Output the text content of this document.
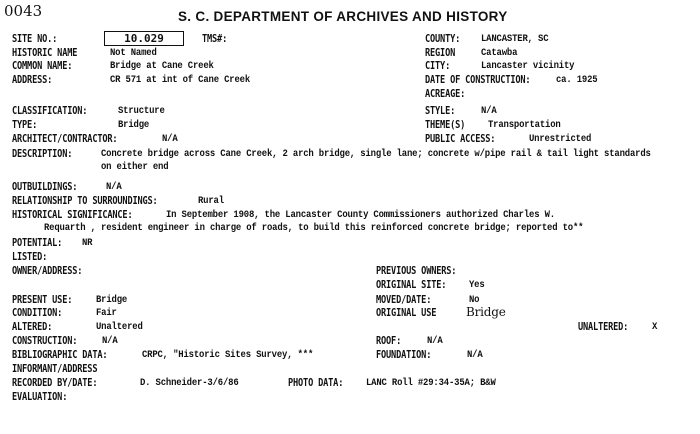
0043	S. C. DEPARTMENT OF ARCHIVES AND HISTORY
SITE NO.:	10.029	TMS#:
HISTORIC NAME	Not Named
COMMON NAME:	Bridge at Cane Creek
ADDRESS:	CR 571 at int of Cane Creek
COUNTY: LANCASTER, SC
REGION Catawba
CITY:	Lancaster vicinity
DATE OF CONSTRUCTION: ca. 1925
ACREAGE:
CLASSIFICATION:	Structure
TYPE:	Bridge
ARCHITECT/CONTRACTOR:	N/A
STYLE: N/A
THEME(S) Transportation
PUBLIC ACCESS:	Unrestricted
DESCRIPTION:	Concrete bridge across Cane Creek, 2 arch bridge, single lane; concrete w/pipe rail & tail light standards
on either end
OUTBUILDINGS:	N/A
RELATIONSHIP TO SURROUNDINGS:	Rural
HISTORICAL SIGNIFICANCE:	In September 1908, the Lancaster County Commissioners authorized Charles W.
Requarth , resident engineer in charge of roads, to build this reinforced concrete bridge; reported to**
POTENTIAL: NR
LISTED:
OWNER/ADDRESS:	PREVIOUS OWNERS:
ORIGINAL SITE: Yes
PRESENT USE: Bridge	MOVED/DATE:	No
CONDITION:	Fair	ORIGINAL USE Bridge
ALTERED:	Unaltered	UNALTERED: X
CONSTRUCTION: N/A	ROOF: N/A
BIBLIOGRAPHIC DATA:	CRPC, "Historic Sites Survey, ***	FOUNDATION:	N/A
INFORMANT/ADDRESS
RECORDED BY/DATE:	D. Schneider-3/6/86	PHOTO DATA: LANC Roll #29:34-35A; B&W
EVALUATION:
